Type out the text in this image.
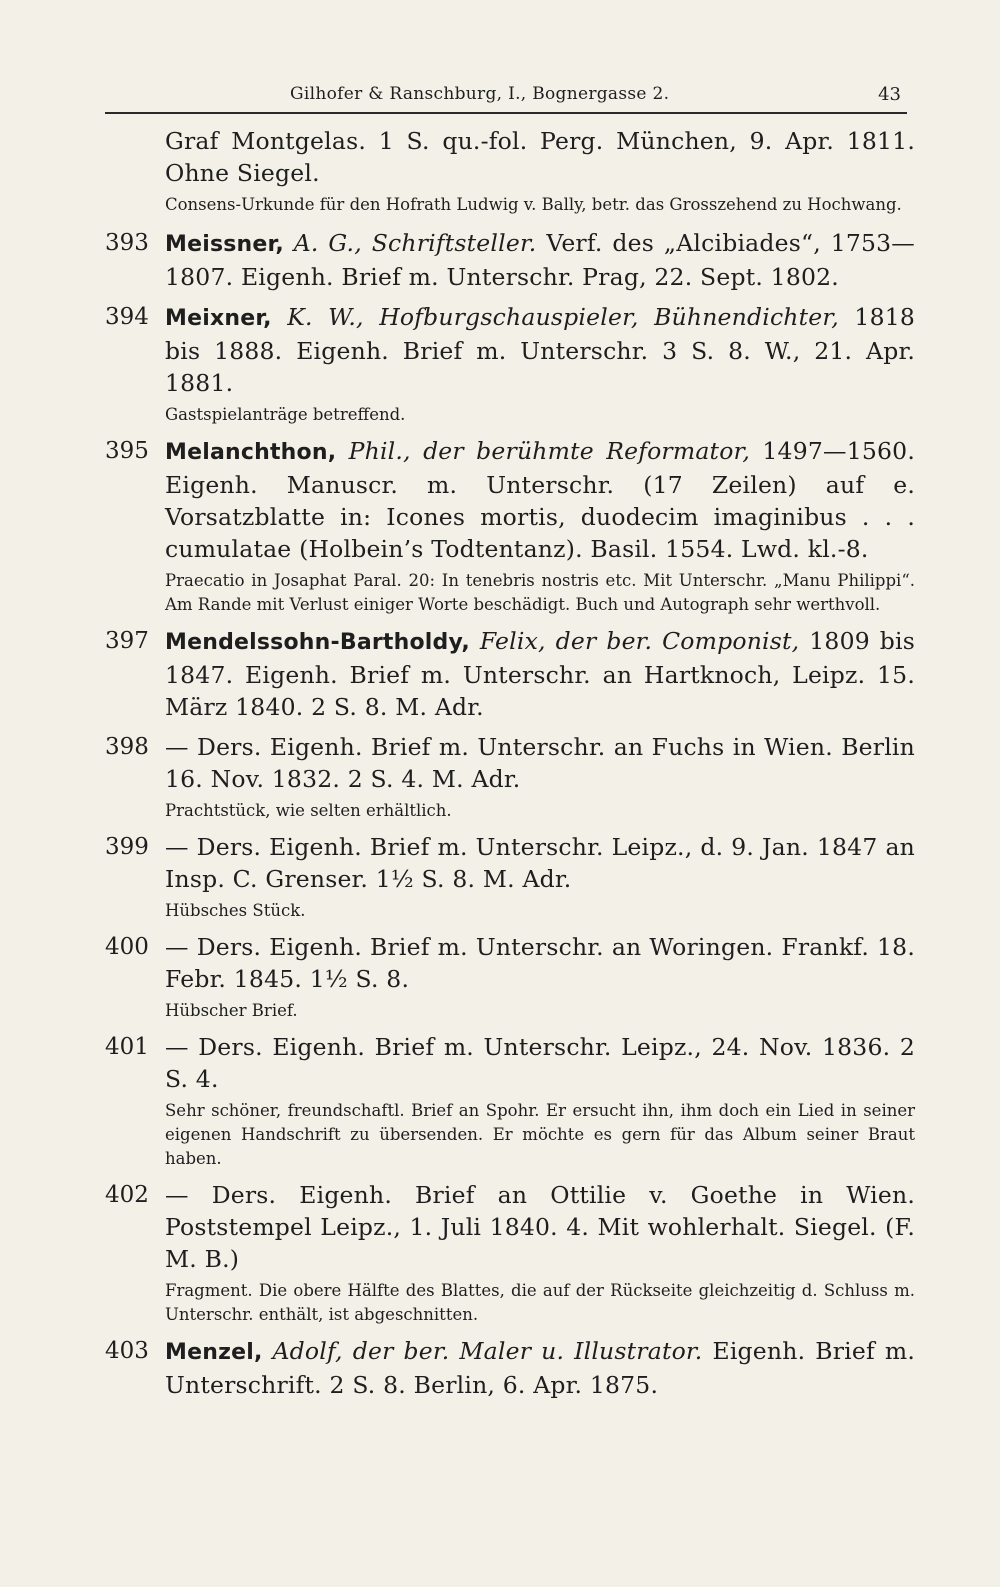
Gilhofer & Ranschburg, I., Bognergasse 2.	43
Graf Montgelas. 1 S. qu.-fol. Perg. München, 9. Apr. 1811. Ohne Siegel.
Consens-Urkunde für den Hofrath Ludwig v. Bally, betr. das Grosszehend zu Hochwang.
393 Meissner, A. G., Schriftsteller. Verf. des „Alcibiades“, 1753—1807. Eigenh. Brief m. Unterschr. Prag, 22. Sept. 1802.
394 Meixner, K. W., Hofburgschauspieler, Bühnendichter, 1818 bis 1888. Eigenh. Brief m. Unterschr. 3 S. 8. W., 21. Apr. 1881.
Gastspielanträge betreffend.
395 Melanchthon, Phil., der berühmte Reformator, 1497—1560. Eigenh. Manuscr. m. Unterschr. (17 Zeilen) auf e. Vorsatzblatte in: Icones mortis, duodecim imaginibus . . . cumulatae (Holbein’s Todtentanz). Basil. 1554. Lwd. kl.-8.
Praecatio in Josaphat Paral. 20: In tenebris nostris etc. Mit Unterschr. „Manu Philippi“. Am Rande mit Verlust einiger Worte beschädigt. Buch und Autograph sehr werthvoll.
397 Mendelssohn-Bartholdy, Felix, der ber. Componist, 1809 bis 1847. Eigenh. Brief m. Unterschr. an Hartknoch, Leipz. 15. März 1840. 2 S. 8. M. Adr.
398 — Ders. Eigenh. Brief m. Unterschr. an Fuchs in Wien. Berlin 16. Nov. 1832. 2 S. 4. M. Adr.
Prachtstück, wie selten erhältlich.
399 — Ders. Eigenh. Brief m. Unterschr. Leipz., d. 9. Jan. 1847 an Insp. C. Grenser. 1½ S. 8. M. Adr.
Hübsches Stück.
400 — Ders. Eigenh. Brief m. Unterschr. an Woringen. Frankf. 18. Febr. 1845. 1½ S. 8.
Hübscher Brief.
401 — Ders. Eigenh. Brief m. Unterschr. Leipz., 24. Nov. 1836. 2 S. 4.
Sehr schöner, freundschaftl. Brief an Spohr. Er ersucht ihn, ihm doch ein Lied in seiner eigenen Handschrift zu übersenden. Er möchte es gern für das Album seiner Braut haben.
402 — Ders. Eigenh. Brief an Ottilie v. Goethe in Wien. Poststempel Leipz., 1. Juli 1840. 4. Mit wohlerhalt. Siegel. (F. M. B.)
Fragment. Die obere Hälfte des Blattes, die auf der Rückseite gleichzeitig d. Schluss m. Unterschr. enthält, ist abgeschnitten.
403 Menzel, Adolf, der ber. Maler u. Illustrator. Eigenh. Brief m. Unterschrift. 2 S. 8. Berlin, 6. Apr. 1875.
